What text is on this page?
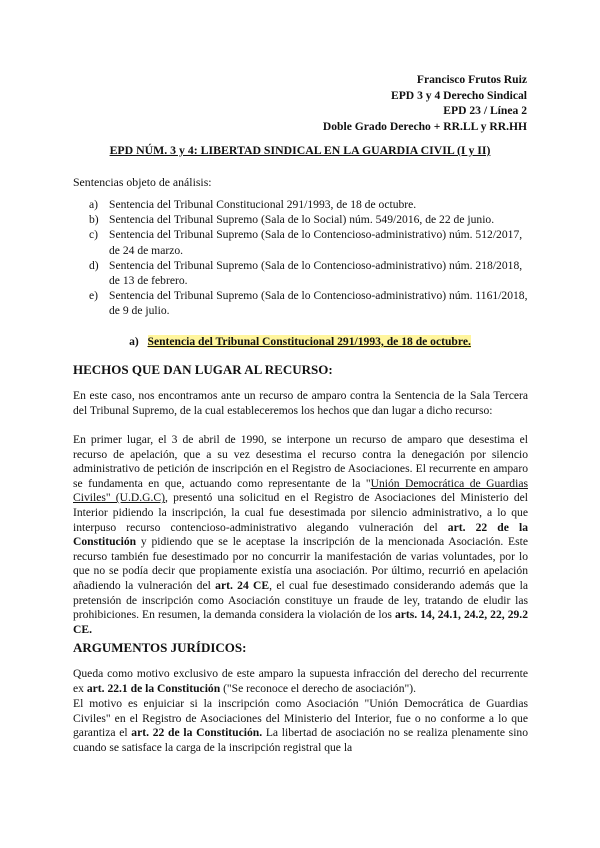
Francisco Frutos Ruiz
EPD 3 y 4 Derecho Sindical
EPD 23 / Línea 2
Doble Grado Derecho + RR.LL y RR.HH
EPD NÚM. 3 y 4: LIBERTAD SINDICAL EN LA GUARDIA CIVIL (I y II)
Sentencias objeto de análisis:
a) Sentencia del Tribunal Constitucional 291/1993, de 18 de octubre.
b) Sentencia del Tribunal Supremo (Sala de lo Social) núm. 549/2016, de 22 de junio.
c) Sentencia del Tribunal Supremo (Sala de lo Contencioso-administrativo) núm. 512/2017, de 24 de marzo.
d) Sentencia del Tribunal Supremo (Sala de lo Contencioso-administrativo) núm. 218/2018, de 13 de febrero.
e) Sentencia del Tribunal Supremo (Sala de lo Contencioso-administrativo) núm. 1161/2018, de 9 de julio.
a) Sentencia del Tribunal Constitucional 291/1993, de 18 de octubre.
HECHOS QUE DAN LUGAR AL RECURSO:

En este caso, nos encontramos ante un recurso de amparo contra la Sentencia de la Sala Tercera del Tribunal Supremo, de la cual estableceremos los hechos que dan lugar a dicho recurso:

En primer lugar, el 3 de abril de 1990, se interpone un recurso de amparo que desestima el recurso de apelación, que a su vez desestima el recurso contra la denegación por silencio administrativo de petición de inscripción en el Registro de Asociaciones. El recurrente en amparo se fundamenta en que, actuando como representante de la "Unión Democrática de Guardias Civiles" (U.D.G.C), presentó una solicitud en el Registro de Asociaciones del Ministerio del Interior pidiendo la inscripción, la cual fue desestimada por silencio administrativo, a lo que interpuso recurso contencioso-administrativo alegando vulneración del art. 22 de la Constitución y pidiendo que se le aceptase la inscripción de la mencionada Asociación. Este recurso también fue desestimado por no concurrir la manifestación de varias voluntades, por lo que no se podía decir que propiamente existía una asociación. Por último, recurrió en apelación añadiendo la vulneración del art. 24 CE, el cual fue desestimado considerando además que la pretensión de inscripción como Asociación constituye un fraude de ley, tratando de eludir las prohibiciones. En resumen, la demanda considera la violación de los arts. 14, 24.1, 24.2, 22, 29.2 CE.

ARGUMENTOS JURÍDICOS:

Queda como motivo exclusivo de este amparo la supuesta infracción del derecho del recurrente ex art. 22.1 de la Constitución ("Se reconoce el derecho de asociación").

El motivo es enjuiciar si la inscripción como Asociación "Unión Democrática de Guardias Civiles" en el Registro de Asociaciones del Ministerio del Interior, fue o no conforme a lo que garantiza el art. 22 de la Constitución. La libertad de asociación no se realiza plenamente sino cuando se satisface la carga de la inscripción registral que la
